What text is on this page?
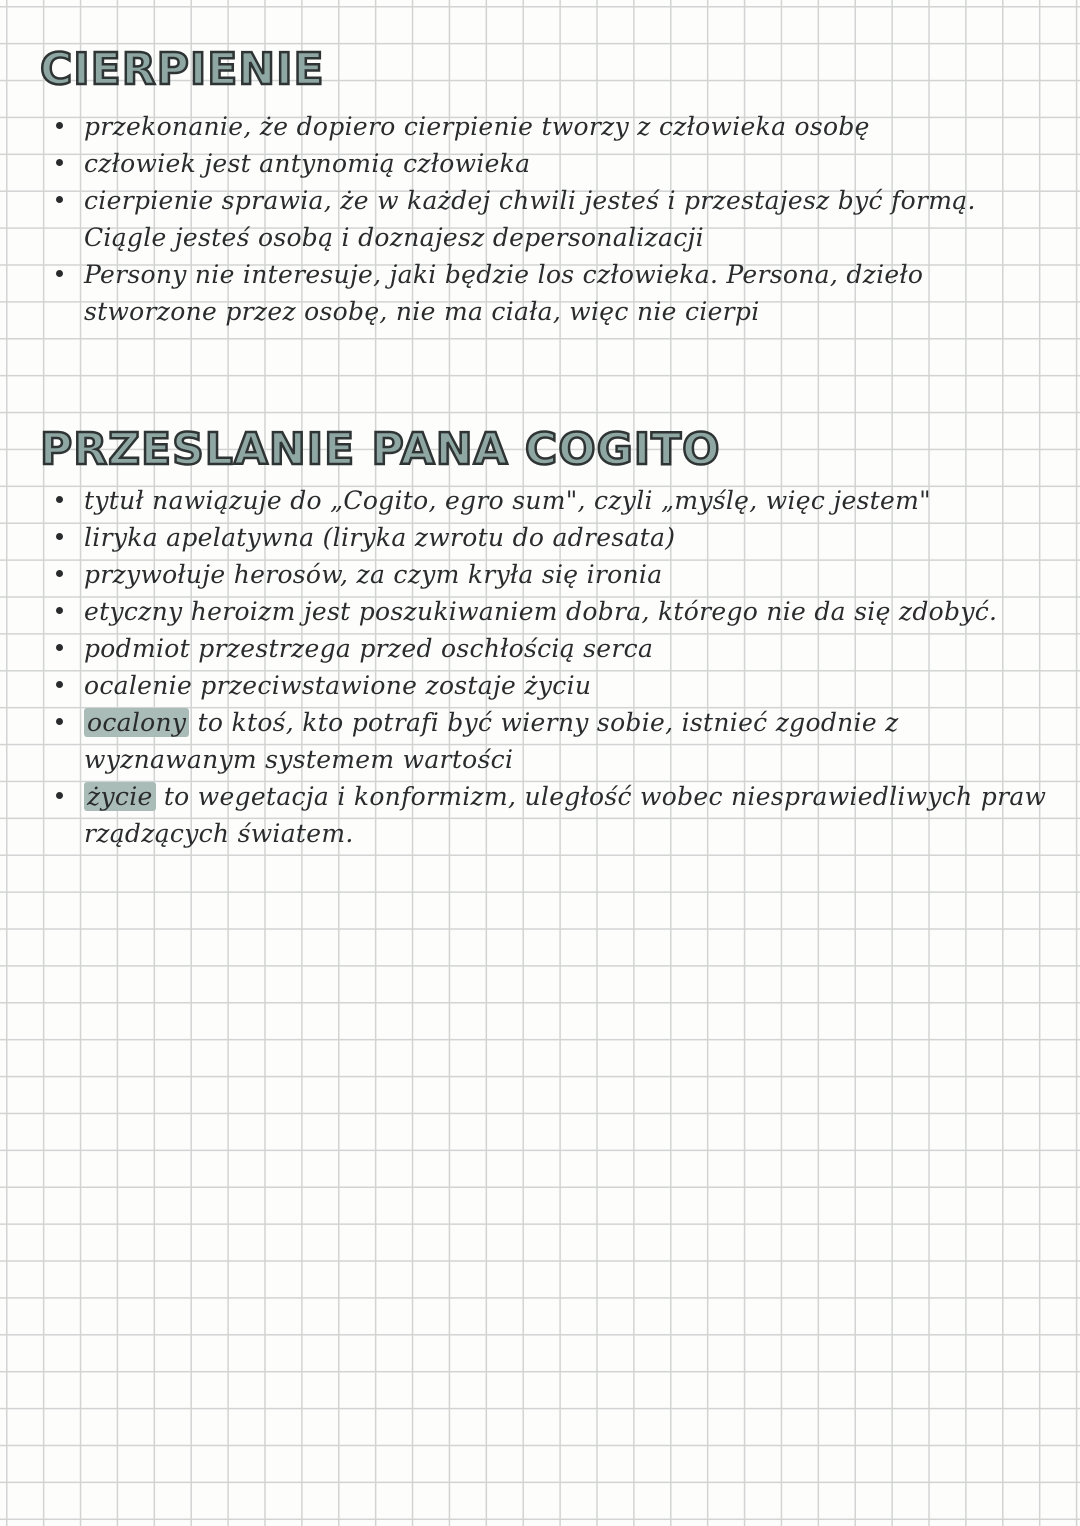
CIERPIENIE
przekonanie, że dopiero cierpienie tworzy z człowieka osobę
człowiek jest antynomią człowieka
cierpienie sprawia, że w każdej chwili jesteś i przestajesz być formą. Ciągle jesteś osobą i doznajesz depersonalizacji
Persony nie interesuje, jaki będzie los człowieka. Persona, dzieło stworzone przez osobę, nie ma ciała, więc nie cierpi
PRZESLANIE PANA COGITO
tytuł nawiązuje do „Cogito, egro sum", czyli „myślę, więc jestem"
liryka apelatywna (liryka zwrotu do adresata)
przywołuje herosów, za czym kryła się ironia
etyczny heroizm jest poszukiwaniem dobra, którego nie da się zdobyć.
podmiot przestrzega przed oschłością serca
ocalenie przeciwstawione zostaje życiu
ocalony to ktoś, kto potrafi być wierny sobie, istnieć zgodnie z wyznawanym systemem wartości
życie to wegetacja i konformizm, uległość wobec niesprawiedliwych praw rządzących światem.
